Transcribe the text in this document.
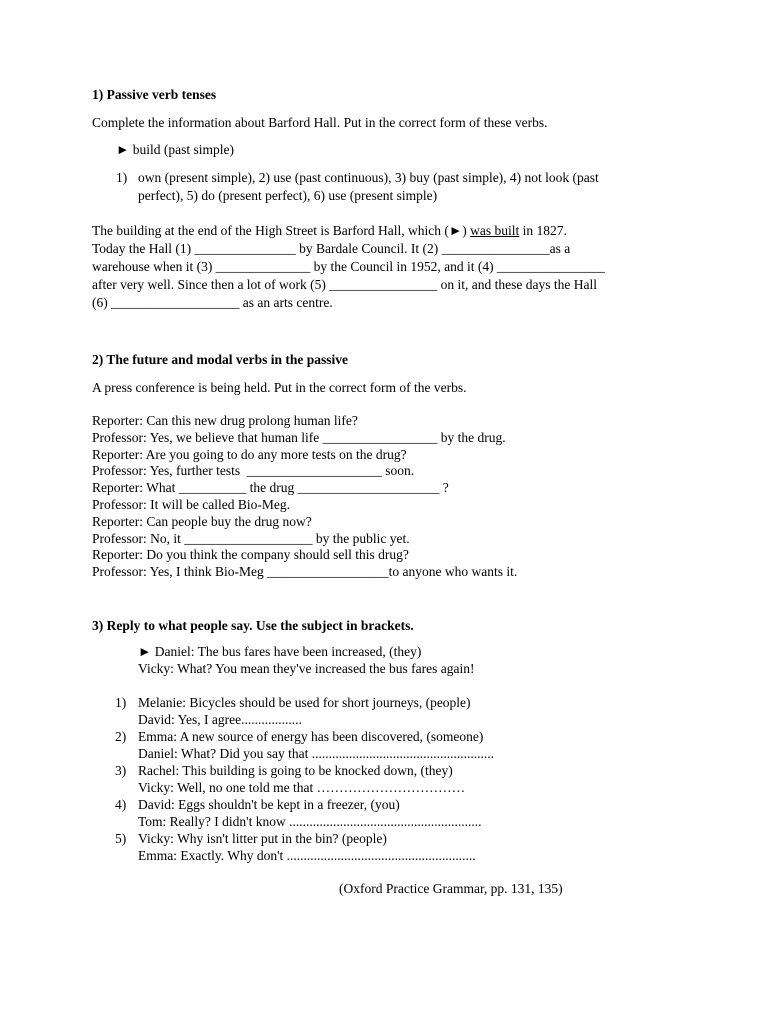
1) Passive verb tenses
Complete the information about Barford Hall. Put in the correct form of these verbs.
► build (past simple)
1) own (present simple), 2) use (past continuous), 3) buy (past simple), 4) not look (past
perfect), 5) do (present perfect), 6) use (present simple)
The building at the end of the High Street is Barford Hall, which (►) was built in 1827.
Today the Hall (1) _______________ by Bardale Council. It (2) ________________as a
warehouse when it (3) ______________ by the Council in 1952, and it (4) ________________
after very well. Since then a lot of work (5) ________________ on it, and these days the Hall
(6) ___________________ as an arts centre.
2) The future and modal verbs in the passive
A press conference is being held. Put in the correct form of the verbs.
Reporter: Can this new drug prolong human life?
Professor: Yes, we believe that human life _________________ by the drug.
Reporter: Are you going to do any more tests on the drug?
Professor: Yes, further tests  ____________________ soon.
Reporter: What __________ the drug _____________________ ?
Professor: It will be called Bio-Meg.
Reporter: Can people buy the drug now?
Professor: No, it ___________________ by the public yet.
Reporter: Do you think the company should sell this drug?
Professor: Yes, I think Bio-Meg __________________to anyone who wants it.
3) Reply to what people say. Use the subject in brackets.
► Daniel: The bus fares have been increased, (they)
Vicky: What? You mean they've increased the bus fares again!
1) Melanie: Bicycles should be used for short journeys, (people)
David: Yes, I agree..................
2) Emma: A new source of energy has been discovered, (someone)
Daniel: What? Did you say that ......................................................
3) Rachel: This building is going to be knocked down, (they)
Vicky: Well, no one told me that ……………………………
4) David: Eggs shouldn't be kept in a freezer, (you)
Tom: Really? I didn't know .........................................................
5) Vicky: Why isn't litter put in the bin? (people)
Emma: Exactly. Why don't ........................................................
(Oxford Practice Grammar, pp. 131, 135)
